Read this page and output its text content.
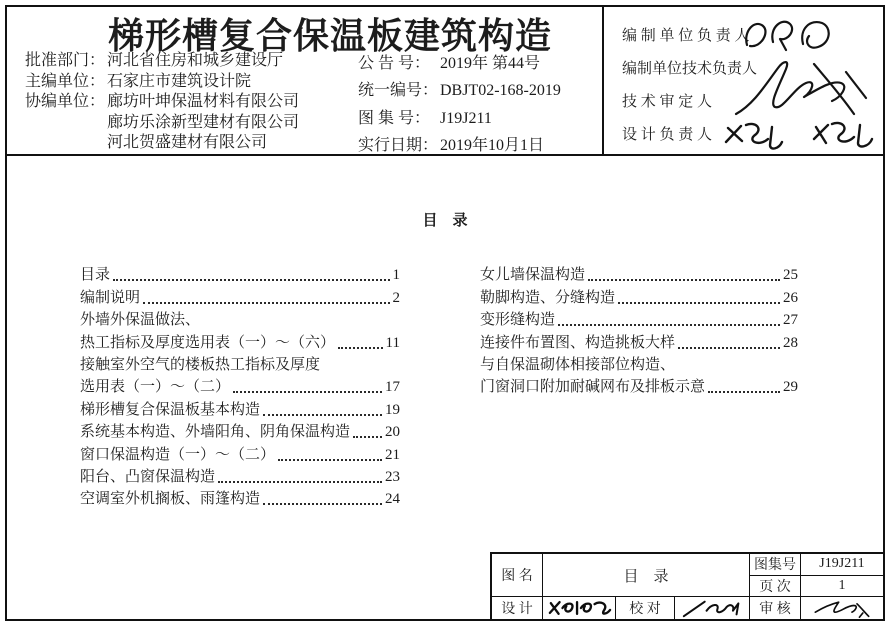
梯形槽复合保温板建筑构造
批准部门： 河北省住房和城乡建设厅
主编单位： 石家庄市建筑设计院
协编单位： 廊坊叶坤保温材料有限公司
廊坊乐涂新型建材有限公司
河北贺盛建材有限公司
公 告 号： 2019年 第44号
统一编号： DBJT02-168-2019
图 集 号： J19J211
实行日期： 2019年10月1日
编 制 单 位 负 责 人
编制单位技术负责人
技 术 审 定 人
设 计 负 责 人
目　录
目录	1
编制说明	2
外墙外保温做法、
热工指标及厚度选用表（一）～（六）	11
接触室外空气的楼板热工指标及厚度
选用表（一）～（二）	17
梯形槽复合保温板基本构造	19
系统基本构造、外墙阳角、阴角保温构造 20
窗口保温构造（一）～（二）	21
阳台、凸窗保温构造	23
空调室外机搁板、雨篷构造	24
女儿墙保温构造	25
勒脚构造、分缝构造	26
变形缝构造	27
连接件布置图、构造挑板大样	28
与自保温砌体相接部位构造、
门窗洞口附加耐碱网布及排板示意	29
图 名	目　录
图集号	J19J211
页 次	1
设 计	校 对	审 核
